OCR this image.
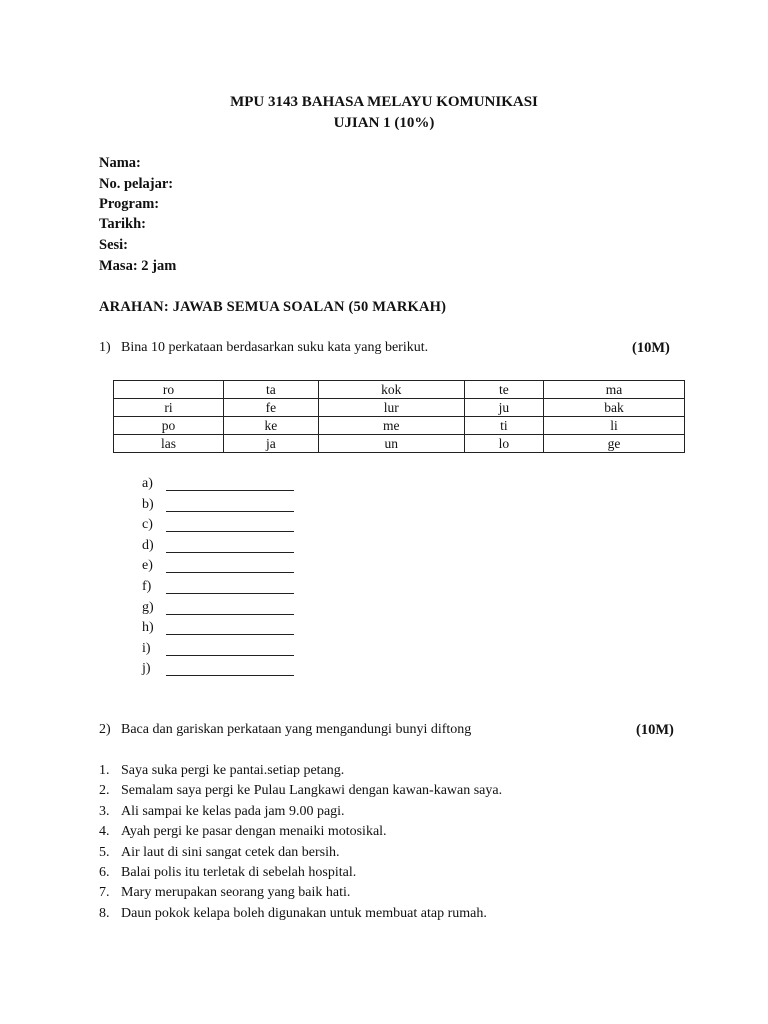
MPU 3143 BAHASA MELAYU KOMUNIKASI
UJIAN 1 (10%)
Nama:
No. pelajar:
Program:
Tarikh:
Sesi:
Masa: 2 jam
ARAHAN: JAWAB SEMUA SOALAN (50 MARKAH)
1) Bina 10 perkataan berdasarkan suku kata yang berikut.	(10M)
ro	ta	kok	te	ma
ri	fe	lur	ju	bak
po	ke	me	ti	li
las	ja	un	lo	ge
a)
b)
c)
d)
e)
f)
g)
h)
i)
j)
2) Baca dan gariskan perkataan yang mengandungi bunyi diftong	(10M)
1. Saya suka pergi ke pantai.setiap petang.
2. Semalam saya pergi ke Pulau Langkawi dengan kawan-kawan saya.
3. Ali sampai ke kelas pada jam 9.00 pagi.
4. Ayah pergi ke pasar dengan menaiki motosikal.
5. Air laut di sini sangat cetek dan bersih.
6. Balai polis itu terletak di sebelah hospital.
7. Mary merupakan seorang yang baik hati.
8. Daun pokok kelapa boleh digunakan untuk membuat atap rumah.
